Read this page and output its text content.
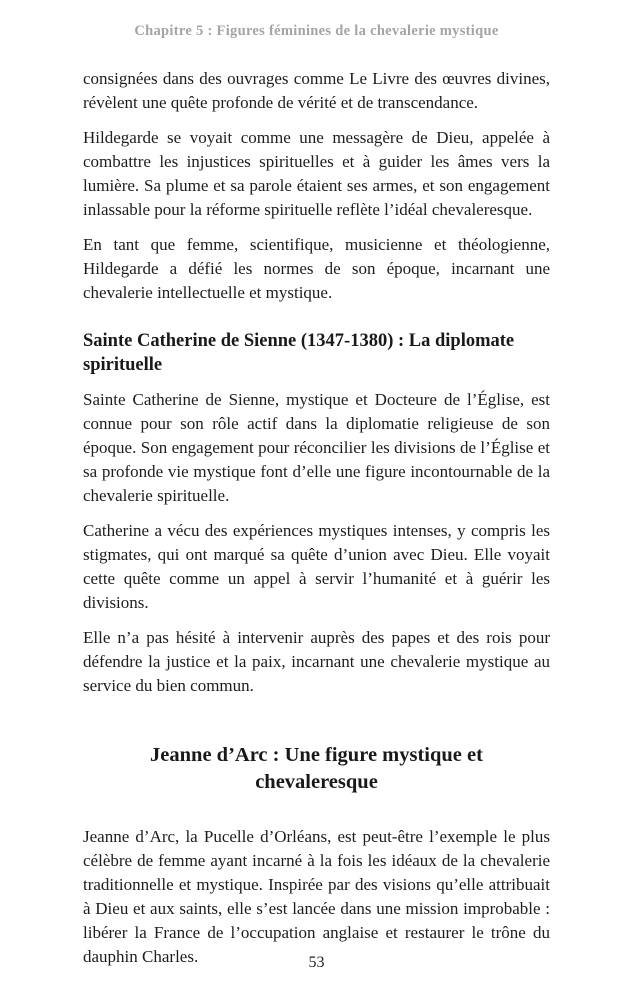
Chapitre 5 : Figures féminines de la chevalerie mystique

consignées dans des ouvrages comme Le Livre des œuvres divines, révèlent une quête profonde de vérité et de transcendance.

Hildegarde se voyait comme une messagère de Dieu, appelée à combattre les injustices spirituelles et à guider les âmes vers la lumière. Sa plume et sa parole étaient ses armes, et son engagement inlassable pour la réforme spirituelle reflète l’idéal chevaleresque.

En tant que femme, scientifique, musicienne et théologienne, Hildegarde a défié les normes de son époque, incarnant une chevalerie intellectuelle et mystique.

Sainte Catherine de Sienne (1347-1380) : La diplomate spirituelle

Sainte Catherine de Sienne, mystique et Docteure de l’Église, est connue pour son rôle actif dans la diplomatie religieuse de son époque. Son engagement pour réconcilier les divisions de l’Église et sa profonde vie mystique font d’elle une figure incontournable de la chevalerie spirituelle.

Catherine a vécu des expériences mystiques intenses, y compris les stigmates, qui ont marqué sa quête d’union avec Dieu. Elle voyait cette quête comme un appel à servir l’humanité et à guérir les divisions.

Elle n’a pas hésité à intervenir auprès des papes et des rois pour défendre la justice et la paix, incarnant une chevalerie mystique au service du bien commun.

Jeanne d’Arc : Une figure mystique et chevaleresque

Jeanne d’Arc, la Pucelle d’Orléans, est peut-être l’exemple le plus célèbre de femme ayant incarné à la fois les idéaux de la chevalerie traditionnelle et mystique. Inspirée par des visions qu’elle attribuait à Dieu et aux saints, elle s’est lancée dans une mission improbable : libérer la France de l’occupation anglaise et restaurer le trône du dauphin Charles.	53
